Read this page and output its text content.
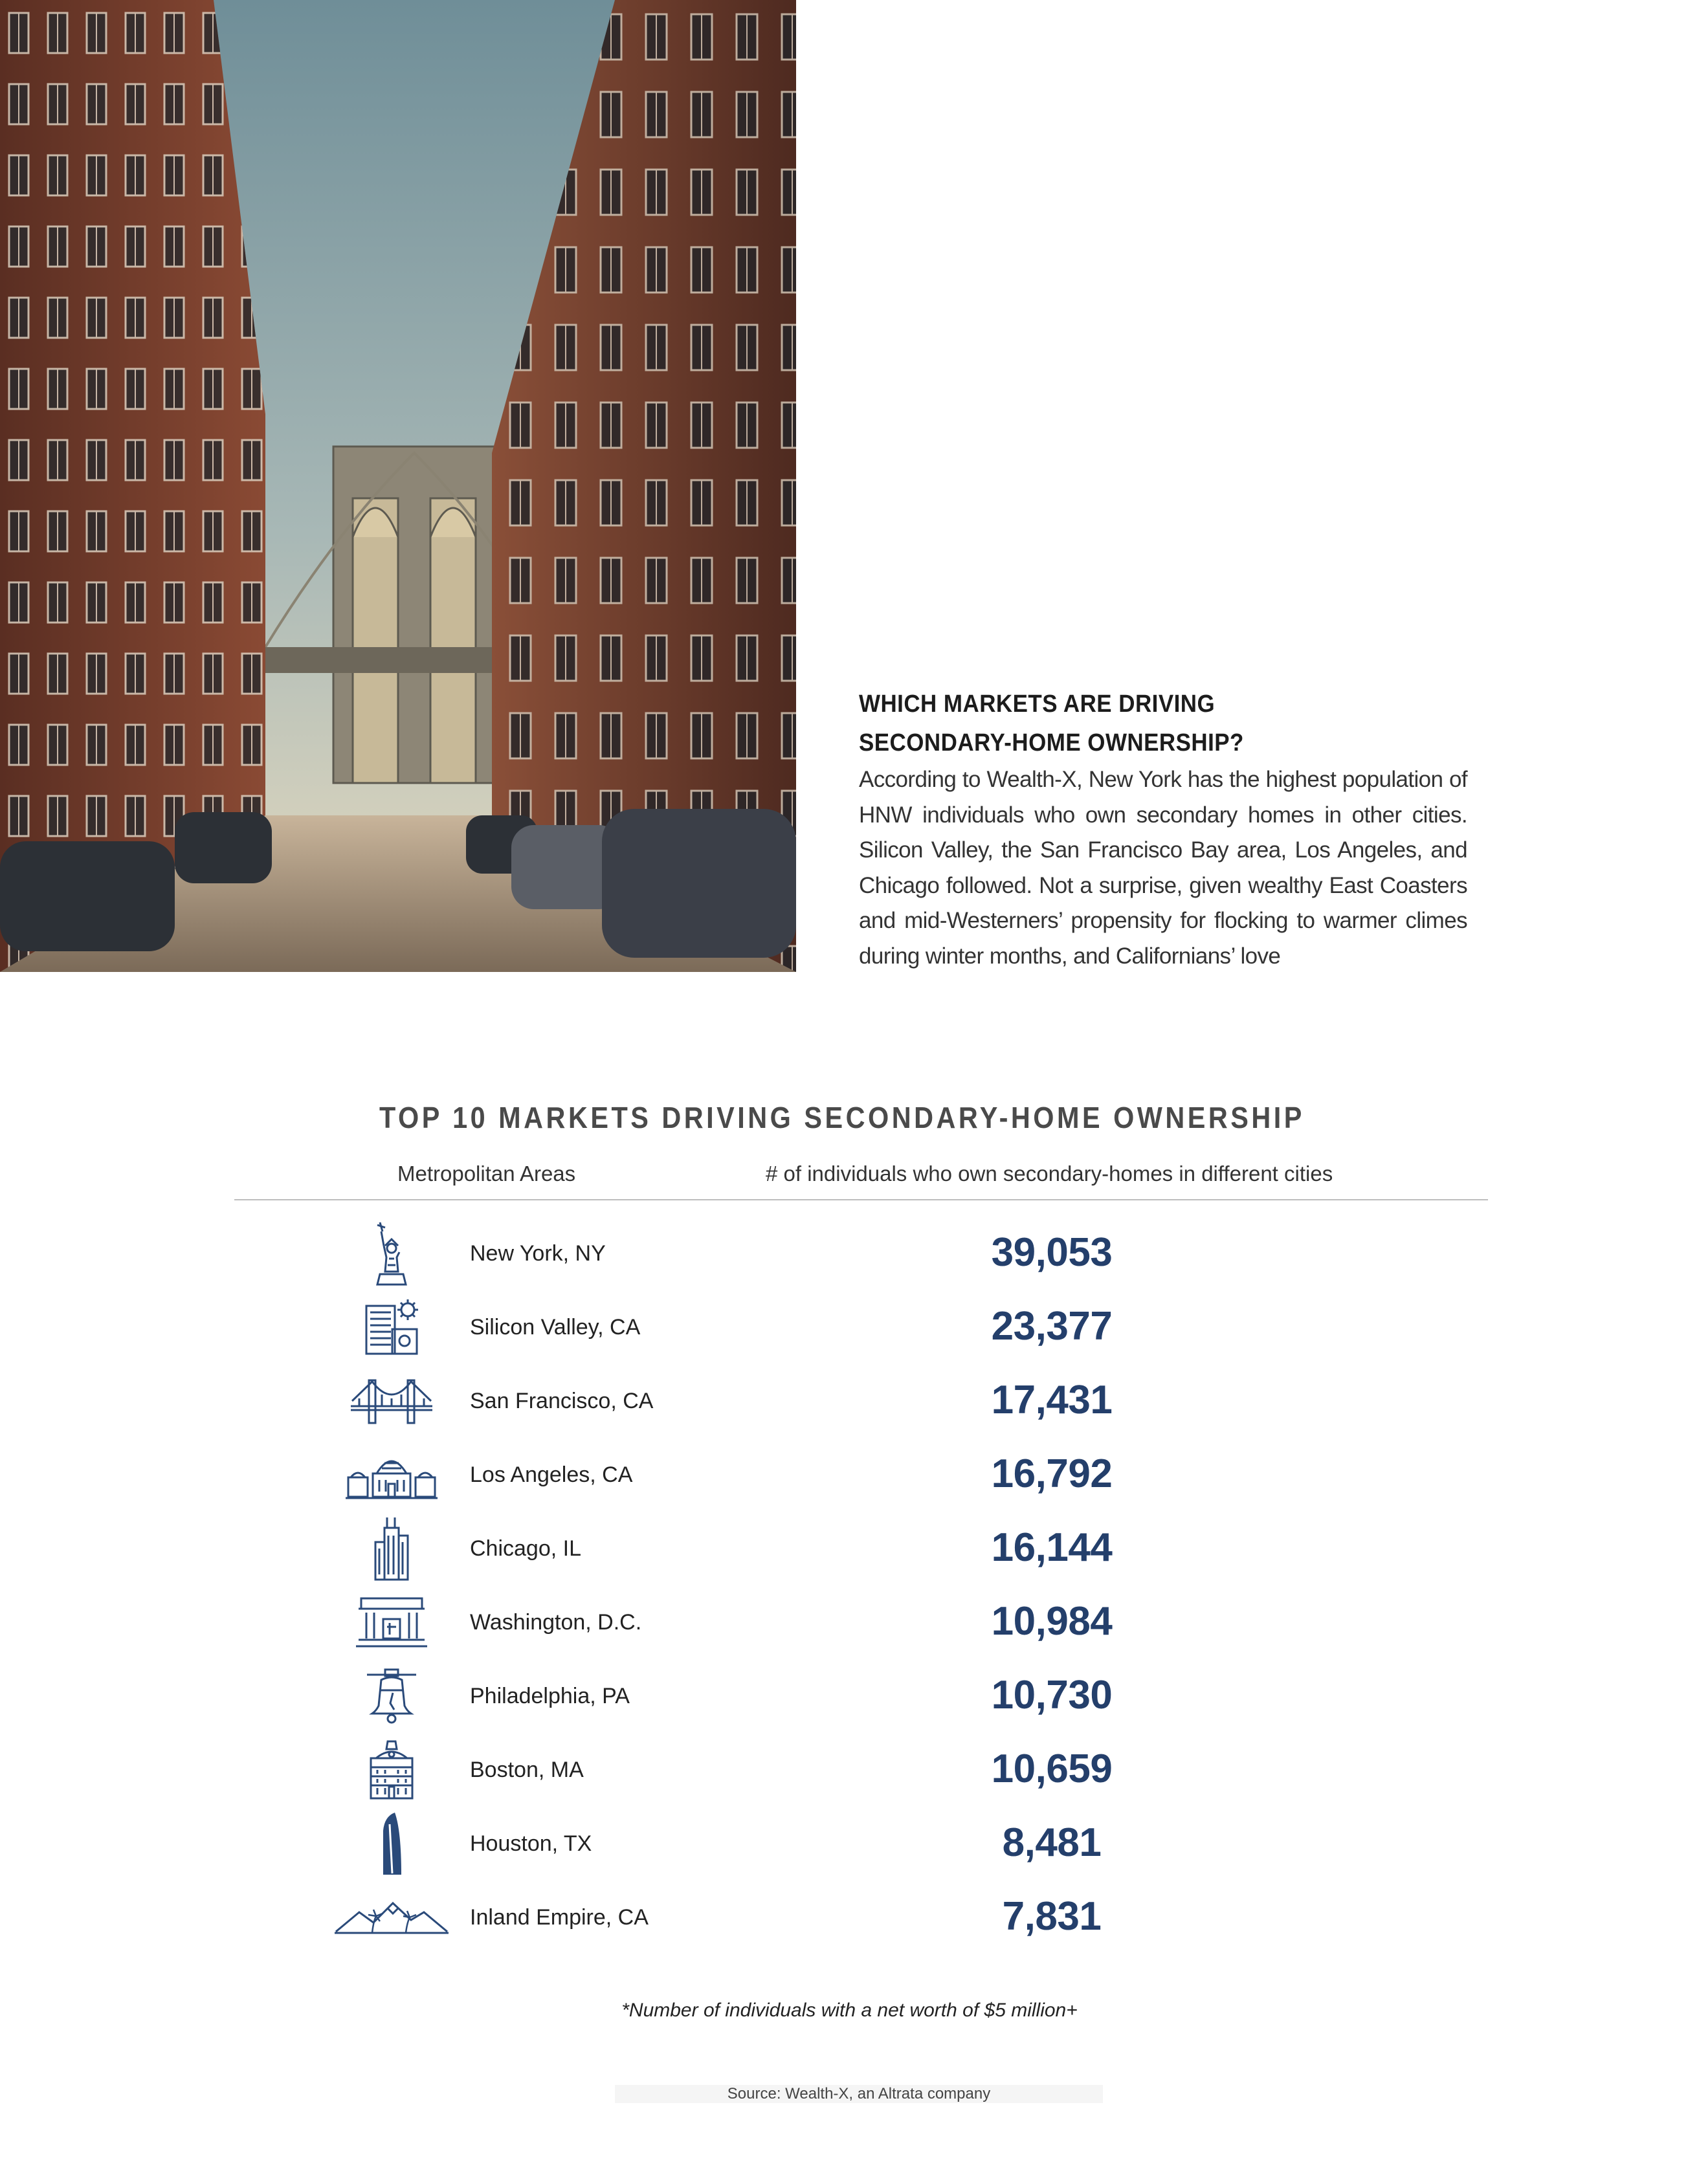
WHICH MARKETS ARE DRIVING
SECONDARY-HOME OWNERSHIP?

According to Wealth-X, New York has the highest population of HNW individuals who own secondary homes in other cities. Silicon Valley, the San Francisco Bay area, Los Angeles, and Chicago followed. Not a surprise, given wealthy East Coasters and mid-Westerners’ propensity for flocking to warmer climes during winter months, and Californians’ love

TOP 10 MARKETS DRIVING SECONDARY-HOME OWNERSHIP
Metropolitan Areas	# of individuals who own secondary-homes in different cities
New York, NY	39,053
Silicon Valley, CA	23,377
San Francisco, CA	17,431
Los Angeles, CA	16,792
Chicago, IL	16,144
Washington, D.C.	10,984
Philadelphia, PA	10,730
Boston, MA	10,659
Houston, TX	8,481
Inland Empire, CA	7,831
*Number of individuals with a net worth of $5 million+
Source: Wealth-X, an Altrata company
